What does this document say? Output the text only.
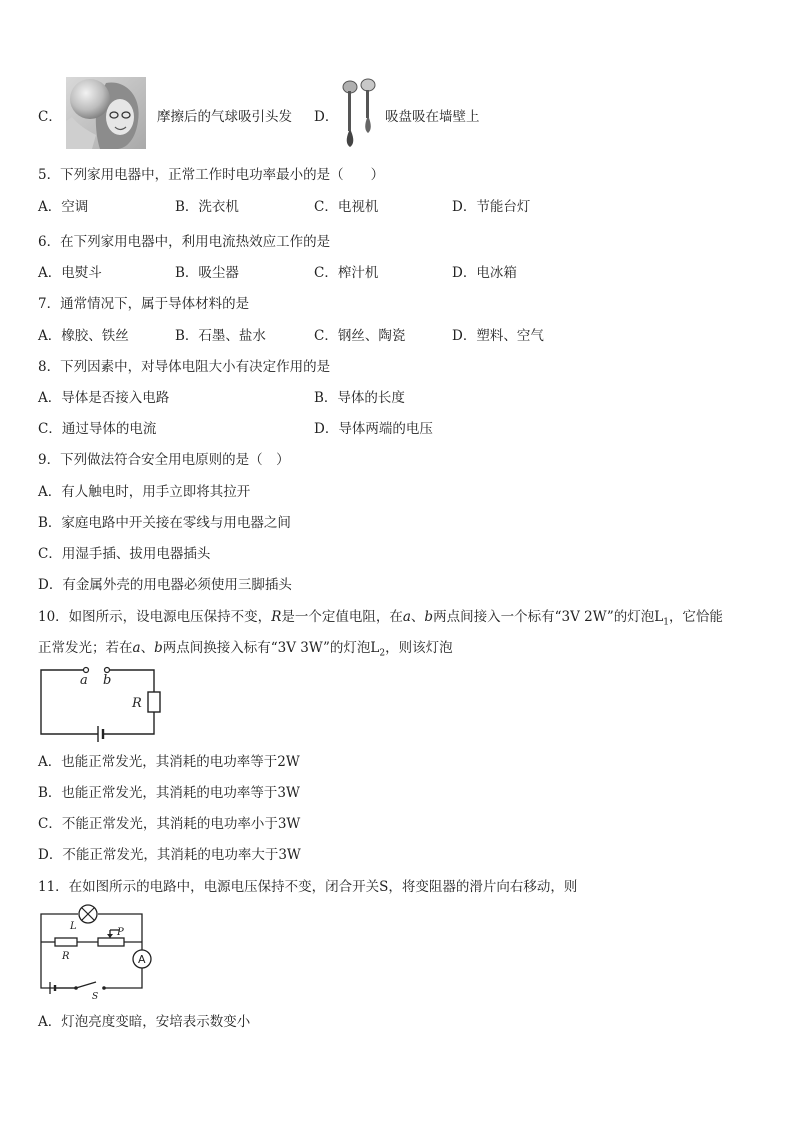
C．	摩擦后的气球吸引头发 D．	吸盘吸在墙壁上
5．下列家用电器中，正常工作时电功率最小的是（　　）
A．空调	B．洗衣机	C．电视机	D．节能台灯
6．在下列家用电器中，利用电流热效应工作的是
A．电熨斗	B．吸尘器	C．榨汁机	D．电冰箱
7．通常情况下，属于导体材料的是
A．橡胶、铁丝	B．石墨、盐水	C．钢丝、陶瓷	D．塑料、空气
8．下列因素中，对导体电阻大小有决定作用的是
A．导体是否接入电路	B．导体的长度
C．通过导体的电流	D．导体两端的电压
9．下列做法符合安全用电原则的是（　）
A．有人触电时，用手立即将其拉开
B．家庭电路中开关接在零线与用电器之间
C．用湿手插、拔用电器插头
D．有金属外壳的用电器必须使用三脚插头
10．如图所示，设电源电压保持不变，R是一个定值电阻，在a、b两点间接入一个标有“3V 2W”的灯泡$L_1$，它恰能
正常发光；若在a、b两点间换接入标有“3V 3W”的灯泡$L_2$，则该灯泡
a b
R
A．也能正常发光，其消耗的电功率等于2W
B．也能正常发光，其消耗的电功率等于3W
C．不能正常发光，其消耗的电功率小于3W
D．不能正常发光，其消耗的电功率大于3W
11．在如图所示的电路中，电源电压保持不变，闭合开关S，将变阻器的滑片向右移动，则
L
R
P
A
S
A．灯泡亮度变暗，安培表示数变小
